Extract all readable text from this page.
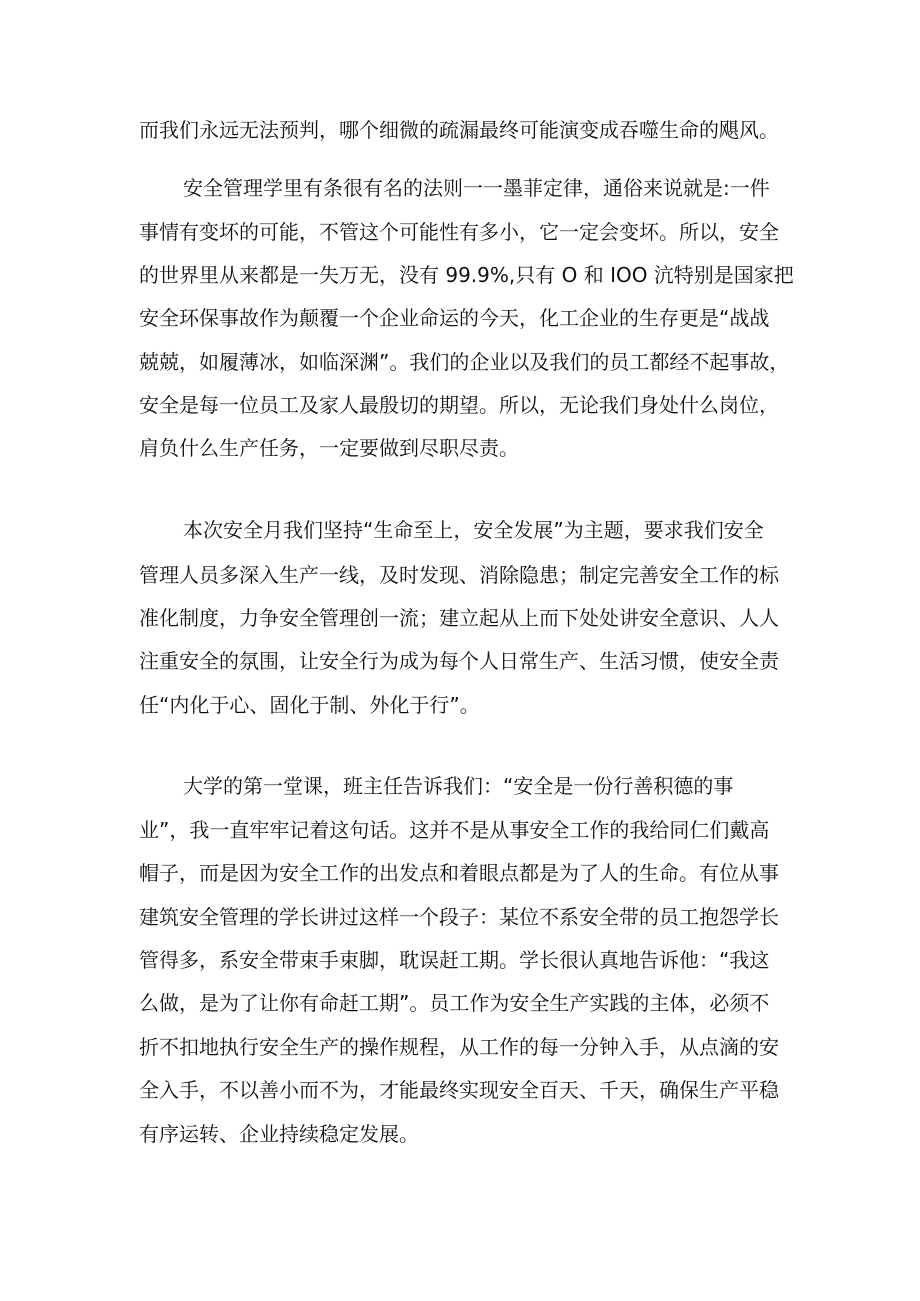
而我们永远无法预判，哪个细微的疏漏最终可能演变成吞噬生命的飓风。

安全管理学里有条很有名的法则一一墨菲定律，通俗来说就是:一件

事情有变坏的可能，不管这个可能性有多小，它一定会变坏。所以，安全

的世界里从来都是一失万无，没有 99.9%,只有 O 和 IOO 沆特别是国家把

安全环保事故作为颠覆一个企业命运的今天，化工企业的生存更是“战战

兢兢，如履薄冰，如临深渊”。我们的企业以及我们的员工都经不起事故，

安全是每一位员工及家人最殷切的期望。所以，无论我们身处什么岗位，

肩负什么生产任务，一定要做到尽职尽责。

本次安全月我们坚持“生命至上，安全发展”为主题，要求我们安全

管理人员多深入生产一线，及时发现、消除隐患；制定完善安全工作的标

准化制度，力争安全管理创一流；建立起从上而下处处讲安全意识、人人

注重安全的氛围，让安全行为成为每个人日常生产、生活习惯，使安全责

任“内化于心、固化于制、外化于行”。

大学的第一堂课，班主任告诉我们：“安全是一份行善积德的事

业”，我一直牢牢记着这句话。这并不是从事安全工作的我给同仁们戴高

帽子，而是因为安全工作的出发点和着眼点都是为了人的生命。有位从事

建筑安全管理的学长讲过这样一个段子：某位不系安全带的员工抱怨学长

管得多，系安全带束手束脚，耽误赶工期。学长很认真地告诉他：“我这

么做，是为了让你有命赶工期”。员工作为安全生产实践的主体，必须不

折不扣地执行安全生产的操作规程，从工作的每一分钟入手，从点滴的安

全入手，不以善小而不为，才能最终实现安全百天、千天，确保生产平稳

有序运转、企业持续稳定发展。
